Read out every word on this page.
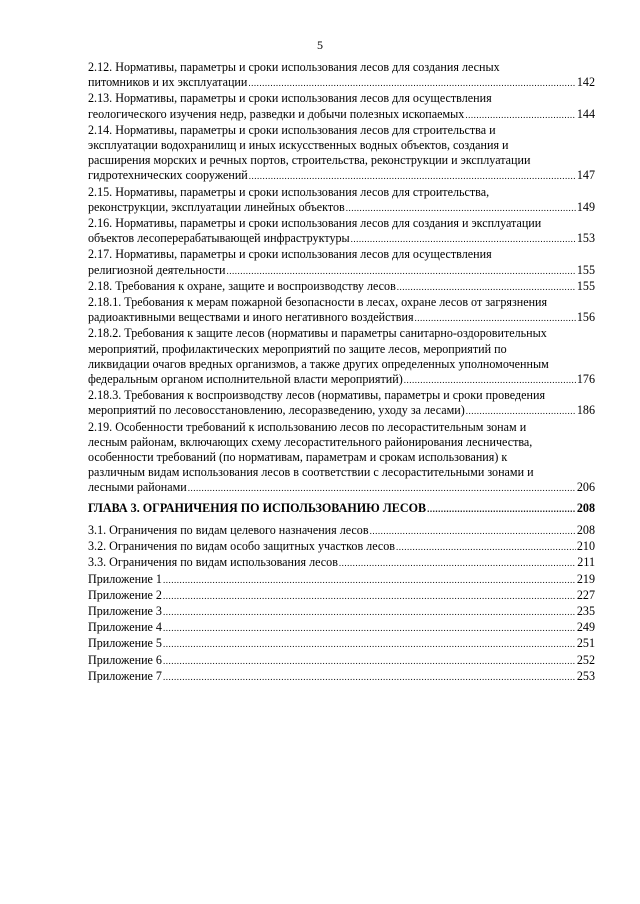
5
2.12. Нормативы, параметры и сроки использования лесов для создания лесных
питомников и их эксплуатации .....	142
2.13. Нормативы, параметры и сроки использования лесов для осуществления
геологического изучения недр, разведки и добычи полезных ископаемых .....	144
2.14. Нормативы, параметры и сроки использования лесов для строительства и
эксплуатации водохранилищ и иных искусственных водных объектов, создания и
расширения морских и речных портов, строительства, реконструкции и эксплуатации
гидротехнических сооружений .....	147
2.15. Нормативы, параметры и сроки использования лесов для строительства,
реконструкции, эксплуатации линейных объектов .....	149
2.16. Нормативы, параметры и сроки использования лесов для создания и эксплуатации
объектов лесоперерабатывающей инфраструктуры .....	153
2.17. Нормативы, параметры и сроки использования лесов для осуществления
религиозной деятельности .....	155
2.18. Требования к охране, защите и воспроизводству лесов .....	155
2.18.1. Требования к мерам пожарной безопасности в лесах, охране лесов от загрязнения
радиоактивными веществами и иного негативного воздействия .....	156
2.18.2. Требования к защите лесов (нормативы и параметры санитарно-оздоровительных
мероприятий, профилактических мероприятий по защите лесов, мероприятий по
ликвидации очагов вредных организмов, а также других определенных уполномоченным
федеральным органом исполнительной власти мероприятий) .....	176
2.18.3. Требования к воспроизводству лесов (нормативы, параметры и сроки проведения
мероприятий по лесовосстановлению, лесоразведению, уходу за лесами) .....	186
2.19. Особенности требований к использованию лесов по лесорастительным зонам и
лесным районам, включающих схему лесорастительного районирования лесничества,
особенности требований (по нормативам, параметрам и срокам использования) к
различным видам использования лесов в соответствии с лесорастительными зонами и
лесными районами .....	206
ГЛАВА 3. ОГРАНИЧЕНИЯ ПО ИСПОЛЬЗОВАНИЮ ЛЕСОВ .....	208
3.1. Ограничения по видам целевого назначения лесов .....	208
3.2. Ограничения по видам особо защитных участков лесов .....	210
3.3. Ограничения по видам использования лесов .....	211
Приложение 1 .....	219
Приложение 2 .....	227
Приложение 3 .....	235
Приложение 4 .....	249
Приложение 5 .....	251
Приложение 6 .....	252
Приложение 7 .....	253
